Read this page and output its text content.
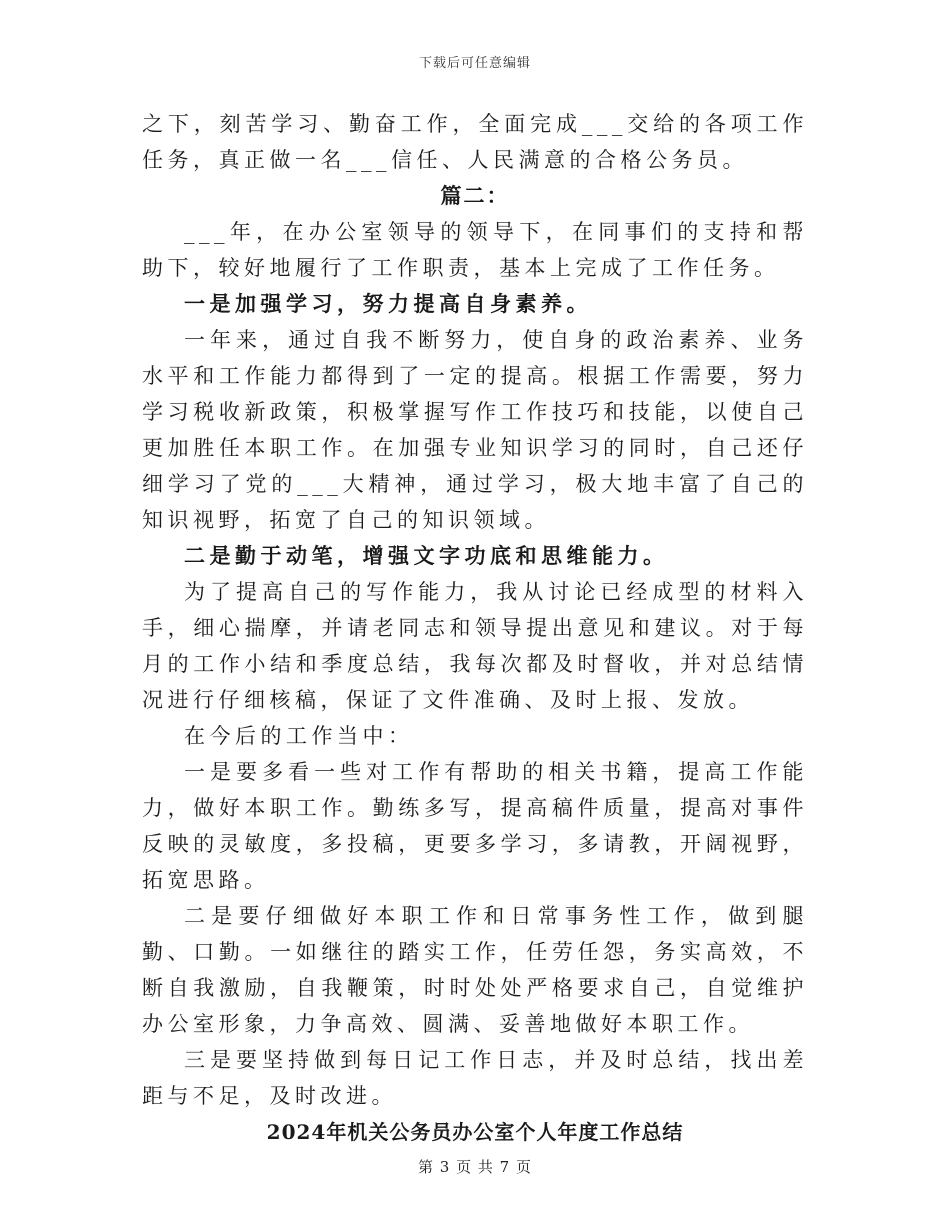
下载后可任意编辑

之下，刻苦学习、勤奋工作，全面完成___交给的各项工作任务，真正做一名___信任、人民满意的合格公务员。

篇二：

___年，在办公室领导的领导下，在同事们的支持和帮助下，较好地履行了工作职责，基本上完成了工作任务。

一是加强学习，努力提高自身素养。

一年来，通过自我不断努力，使自身的政治素养、业务水平和工作能力都得到了一定的提高。根据工作需要，努力学习税收新政策，积极掌握写作工作技巧和技能，以使自己更加胜任本职工作。在加强专业知识学习的同时，自己还仔细学习了党的___大精神，通过学习，极大地丰富了自己的知识视野，拓宽了自己的知识领域。

二是勤于动笔，增强文字功底和思维能力。

为了提高自己的写作能力，我从讨论已经成型的材料入手，细心揣摩，并请老同志和领导提出意见和建议。对于每月的工作小结和季度总结，我每次都及时督收，并对总结情况进行仔细核稿，保证了文件准确、及时上报、发放。

在今后的工作当中：

一是要多看一些对工作有帮助的相关书籍，提高工作能力，做好本职工作。勤练多写，提高稿件质量，提高对事件反映的灵敏度，多投稿，更要多学习，多请教，开阔视野，拓宽思路。

二是要仔细做好本职工作和日常事务性工作，做到腿勤、口勤。一如继往的踏实工作，任劳任怨，务实高效，不断自我激励，自我鞭策，时时处处严格要求自己，自觉维护办公室形象，力争高效、圆满、妥善地做好本职工作。

三是要坚持做到每日记工作日志，并及时总结，找出差距与不足，及时改进。

2024年机关公务员办公室个人年度工作总结

第 3 页 共 7 页
